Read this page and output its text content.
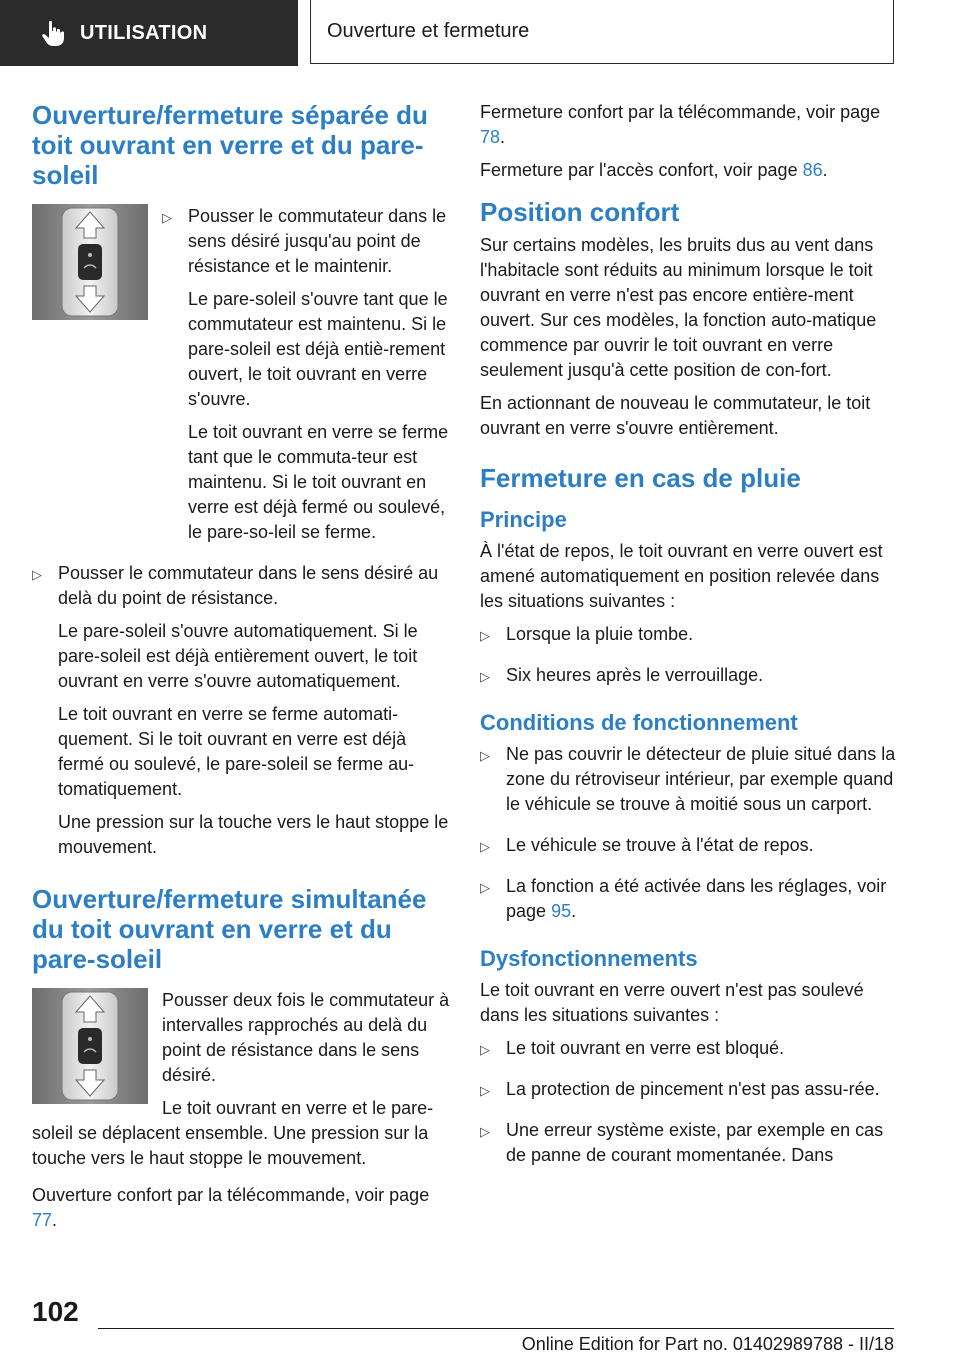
UTILISATION	Ouverture et fermeture
Ouverture/fermeture séparée du toit ouvrant en verre et du pare-soleil
▷ Pousser le commutateur dans le sens désiré jusqu'au point de résistance et le maintenir.

Le pare-soleil s'ouvre tant que le commutateur est maintenu. Si le pare-soleil est déjà entiè-rement ouvert, le toit ouvrant en verre s'ouvre.

Le toit ouvrant en verre se ferme tant que le commuta-teur est maintenu. Si le toit ouvrant en verre est déjà fermé ou soulevé, le pare-so-leil se ferme.

▷ Pousser le commutateur dans le sens désiré au delà du point de résistance.

Le pare-soleil s'ouvre automatiquement. Si le pare-soleil est déjà entièrement ouvert, le toit ouvrant en verre s'ouvre automatiquement.

Le toit ouvrant en verre se ferme automati-quement. Si le toit ouvrant en verre est déjà fermé ou soulevé, le pare-soleil se ferme au-tomatiquement.

Une pression sur la touche vers le haut stoppe le mouvement.

Ouverture/fermeture simultanée du toit ouvrant en verre et du pare-soleil

Pousser deux fois le commutateur à intervalles rapprochés au delà du point de résistance dans le sens désiré.

Le toit ouvrant en verre et le pare-soleil se déplacent ensemble. Une pression sur la touche vers le haut stoppe le mouvement.

Ouverture confort par la télécommande, voir page 77.

Fermeture confort par la télécommande, voir page 78.

Fermeture par l'accès confort, voir page 86.

Position confort

Sur certains modèles, les bruits dus au vent dans l'habitacle sont réduits au minimum lorsque le toit ouvrant en verre n'est pas encore entière-ment ouvert. Sur ces modèles, la fonction auto-matique commence par ouvrir le toit ouvrant en verre seulement jusqu'à cette position de con-fort.

En actionnant de nouveau le commutateur, le toit ouvrant en verre s'ouvre entièrement.

Fermeture en cas de pluie
Principe

À l'état de repos, le toit ouvrant en verre ouvert est amené automatiquement en position relevée dans les situations suivantes :

▷ Lorsque la pluie tombe.

▷ Six heures après le verrouillage.

Conditions de fonctionnement
▷ Ne pas couvrir le détecteur de pluie situé dans la zone du rétroviseur intérieur, par exemple quand le véhicule se trouve à moitié sous un carport.

▷ Le véhicule se trouve à l'état de repos.

▷ La fonction a été activée dans les réglages, voir page 95.

Dysfonctionnements

Le toit ouvrant en verre ouvert n'est pas soulevé dans les situations suivantes :

▷ Le toit ouvrant en verre est bloqué.

▷ La protection de pincement n'est pas assu-rée.

▷ Une erreur système existe, par exemple en cas de panne de courant momentanée. Dans

102
Online Edition for Part no. 01402989788 - II/18
